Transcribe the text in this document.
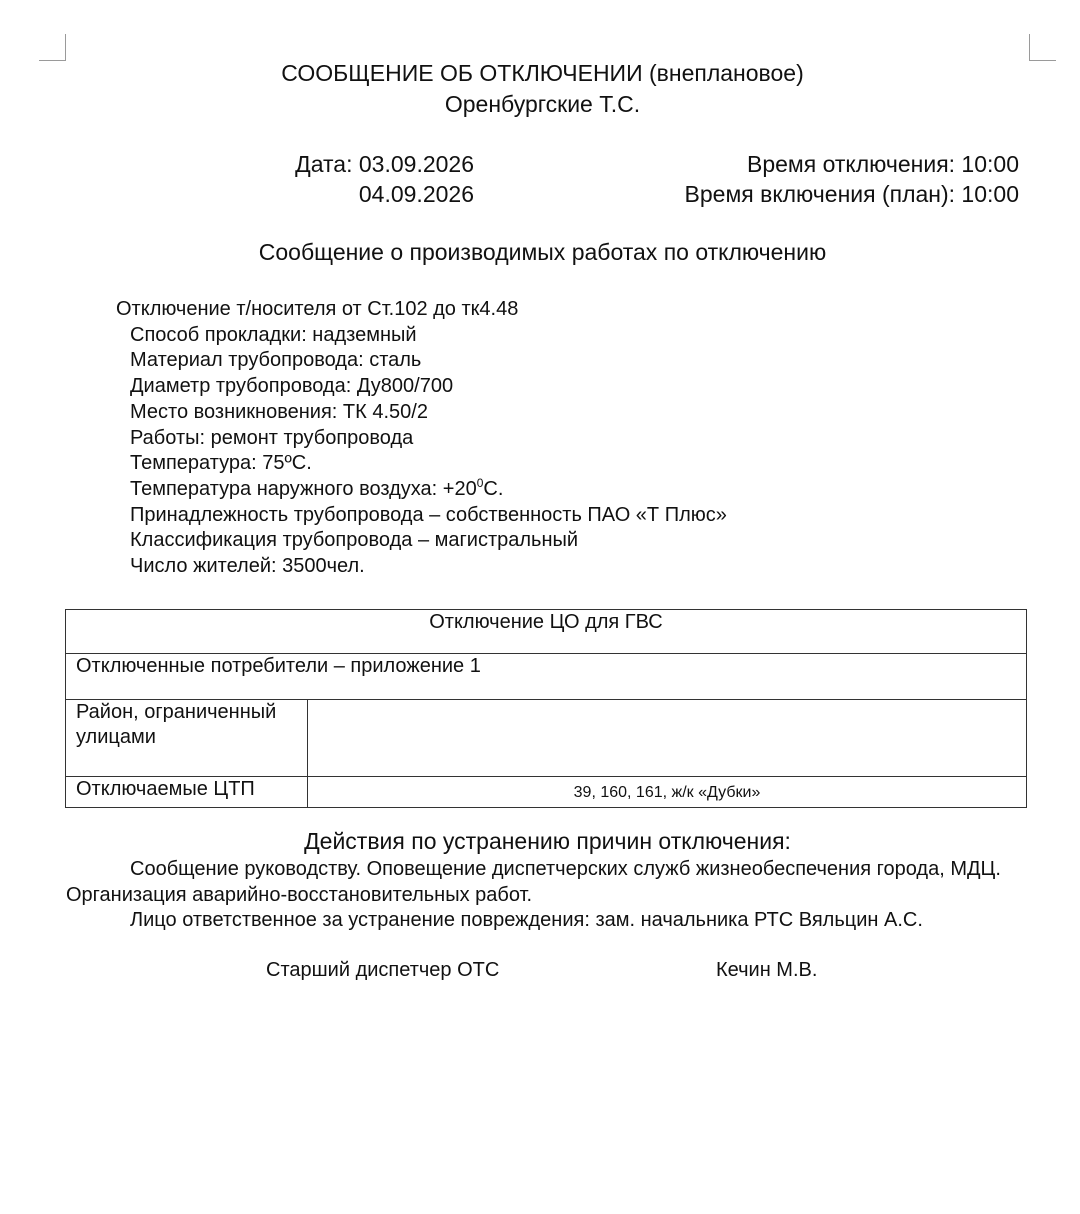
СООБЩЕНИЕ ОБ ОТКЛЮЧЕНИИ (внеплановое)
Оренбургские Т.С.
Дата: 03.09.2026
04.09.2026
Время отключения: 10:00
Время включения (план): 10:00
Сообщение о производимых работах по отключению
Отключение т/носителя от Ст.102 до тк4.48
Способ прокладки: надземный
Материал трубопровода: сталь
Диаметр трубопровода: Ду800/700
Место возникновения: ТК 4.50/2
Работы: ремонт трубопровода
Температура: 75ºС.
Температура наружного воздуха: $+20^0С$.
Принадлежность трубопровода – собственность ПАО «Т Плюс»
Классификация трубопровода – магистральный
Число жителей: 3500чел.
Отключение ЦО для ГВС	
Отключенные потребители – приложение 1	
Район, ограниченный улицами	
Отключаемые ЦТП	39, 160, 161, ж/к «Дубки»
Действия по устранению причин отключения:

Сообщение руководству. Оповещение диспетчерских служб жизнеобеспечения города, МДЦ. Организация аварийно-восстановительных работ.

Лицо ответственное за устранение повреждения: зам. начальника РТС Вяльцин А.С.

Старший диспетчер ОТС	Кечин М.В.
